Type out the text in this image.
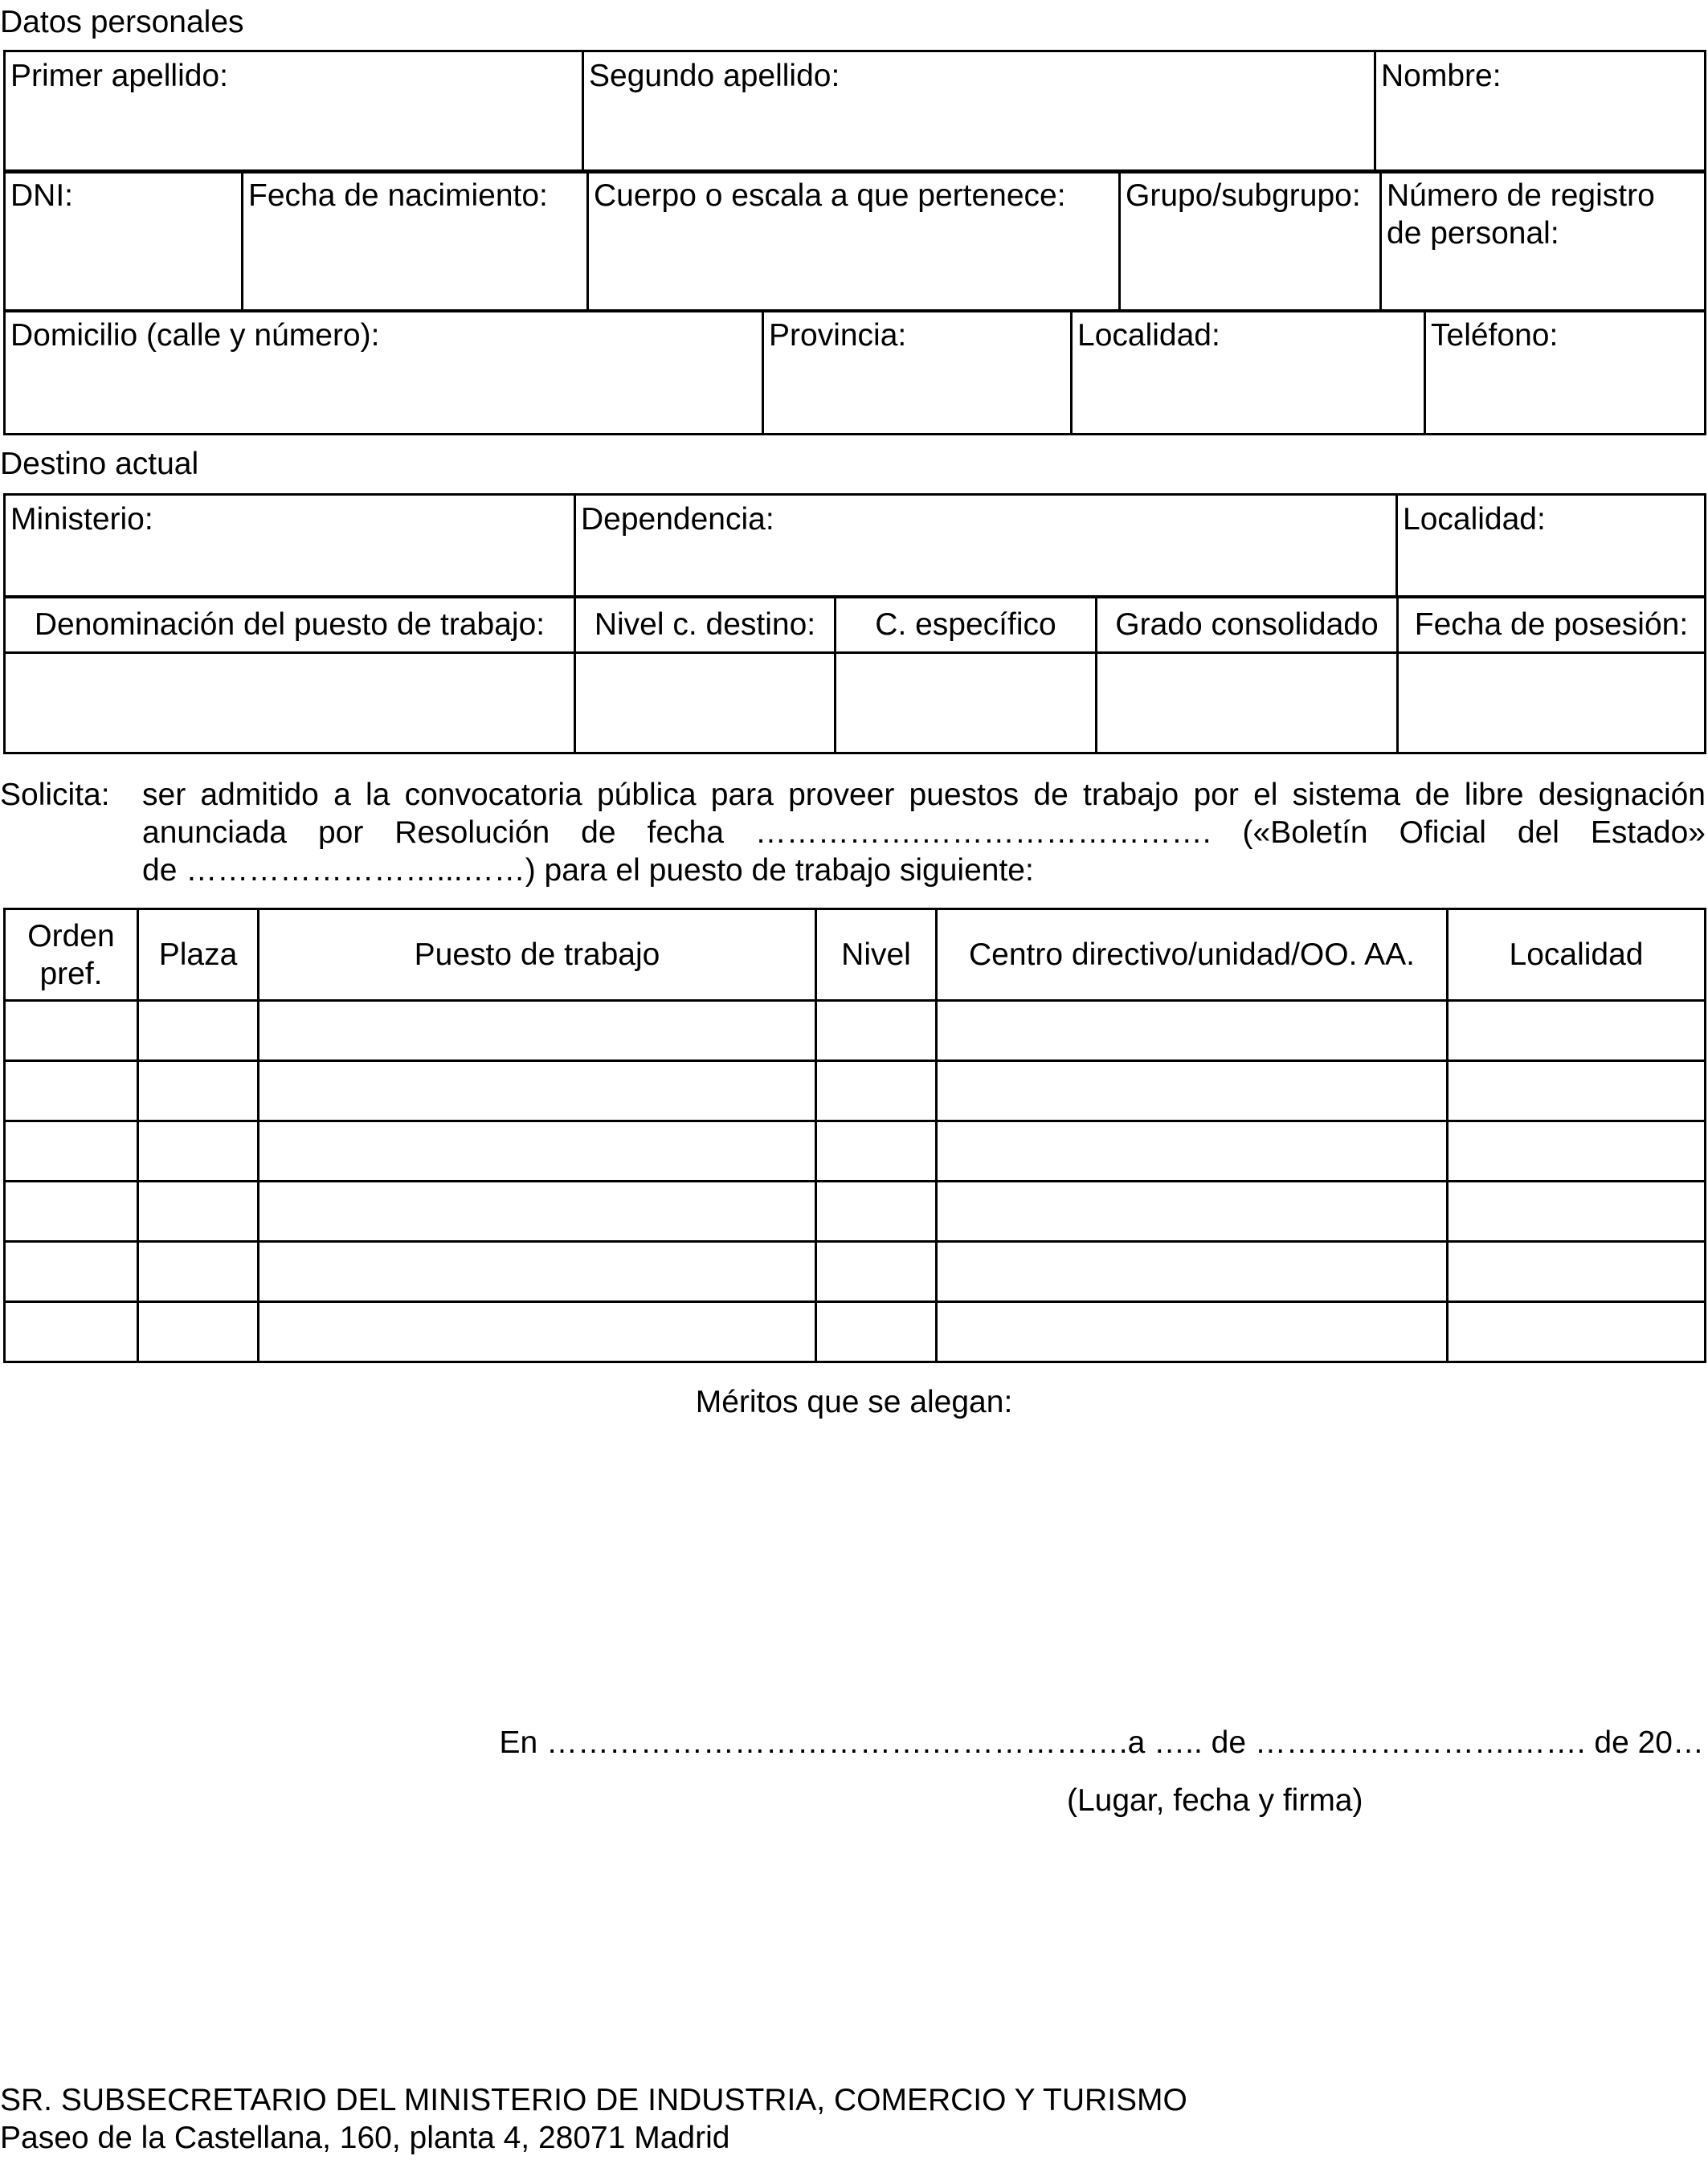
Datos personales
Primer apellido:	Segundo apellido:	Nombre:
DNI:	Fecha de nacimiento:	Cuerpo o escala a que pertenece:	Grupo/subgrupo:	Número de registro
de personal:
Domicilio (calle y número):	Provincia:	Localidad:	Teléfono:
Destino actual
Ministerio:	Dependencia:	Localidad:
Denominación del puesto de trabajo:	Nivel c. destino:	C. específico	Grado consolidado	Fecha de posesión:

Solicita: ser admitido a la convocatoria pública para proveer puestos de trabajo por el sistema de libre designación
anunciada por Resolución de fecha …………….………………………. («Boletín Oficial del Estado»
de ……………………...……) para el puesto de trabajo siguiente:
Orden
pref.	Plaza	Puesto de trabajo	Nivel	Centro directivo/unidad/OO. AA.	Localidad

Méritos que se alegan:
En ……………………………….……………….a ….. de …………………….……. de 20…
(Lugar, fecha y firma)
SR. SUBSECRETARIO DEL MINISTERIO DE INDUSTRIA, COMERCIO Y TURISMO
Paseo de la Castellana, 160, planta 4, 28071 Madrid
